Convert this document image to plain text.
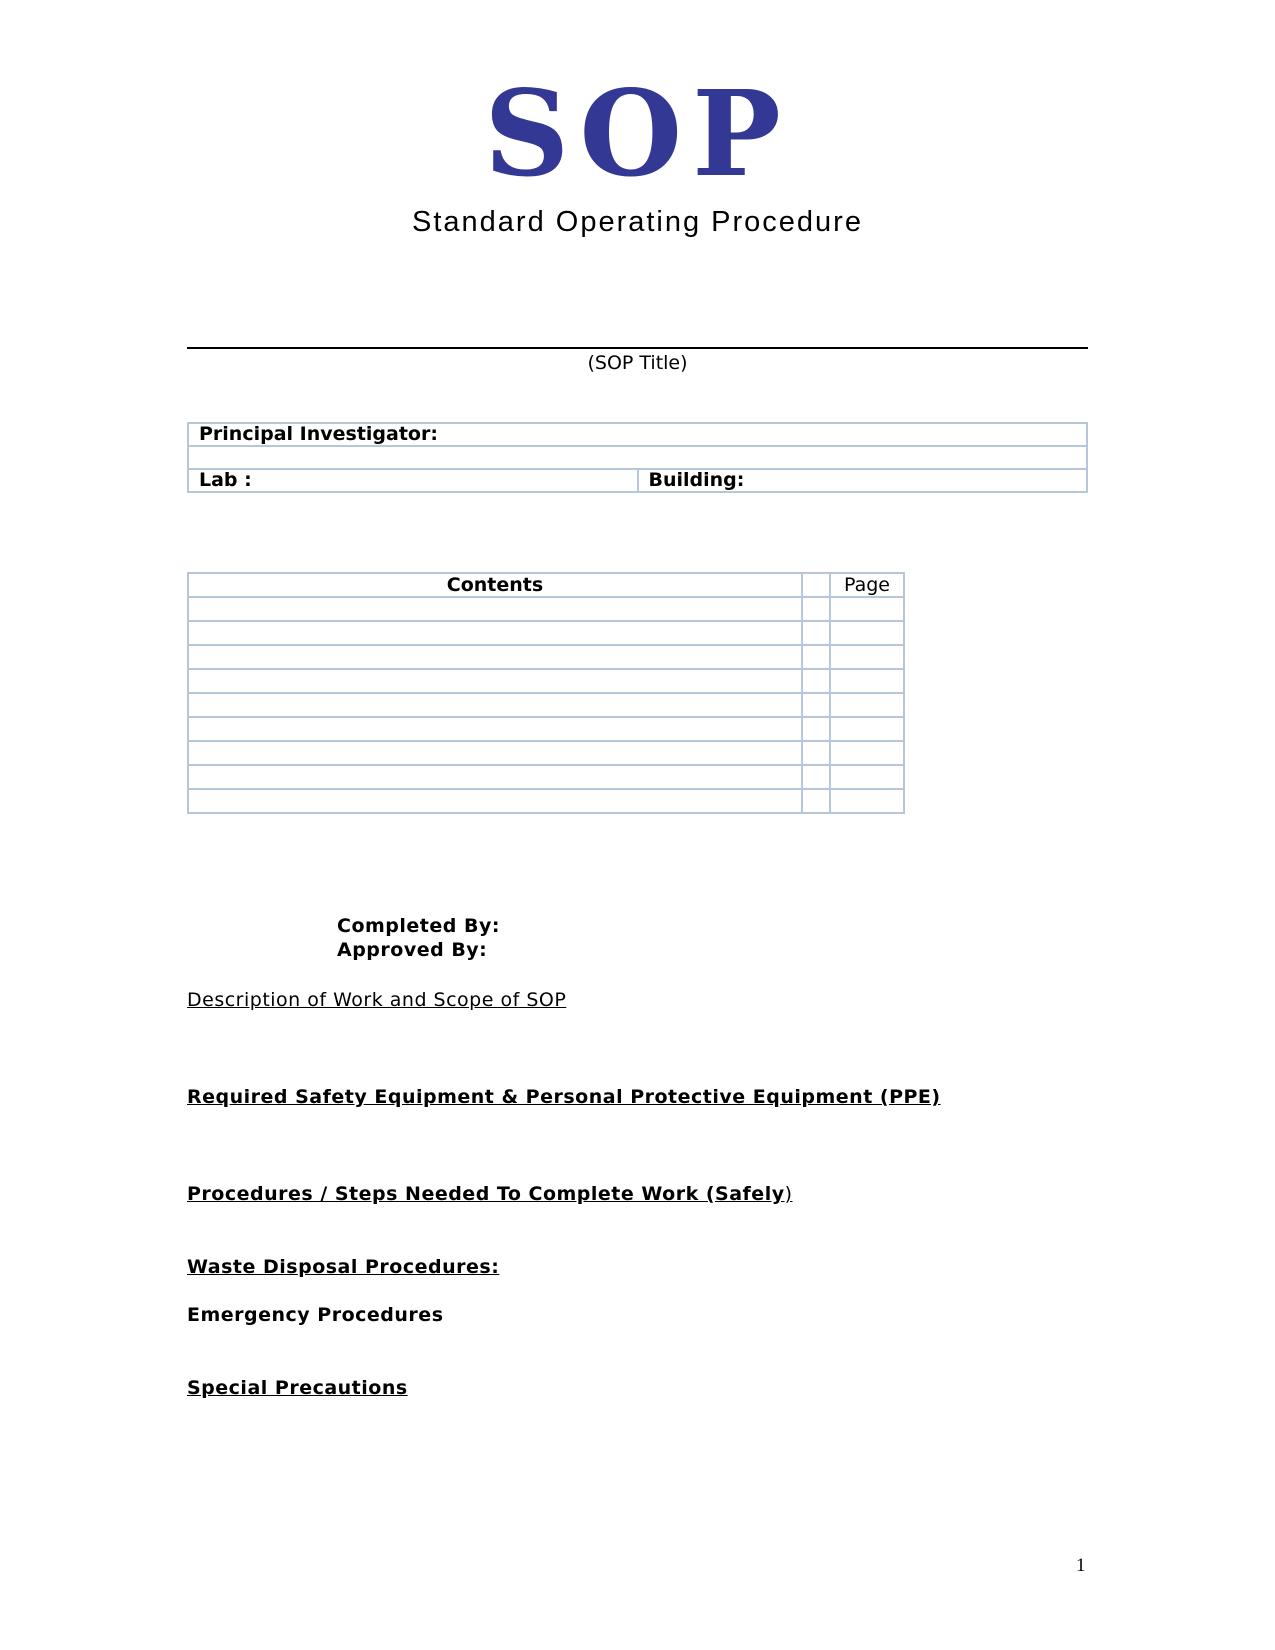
SOP
Standard Operating Procedure
(SOP Title)
Principal Investigator:

Lab :	Building:
Contents		Page

Completed By:
Approved By:
Description of Work and Scope of SOP
Required Safety Equipment & Personal Protective Equipment (PPE)
Procedures / Steps Needed To Complete Work (Safely)
Waste Disposal Procedures:
Emergency Procedures
Special Precautions
1
